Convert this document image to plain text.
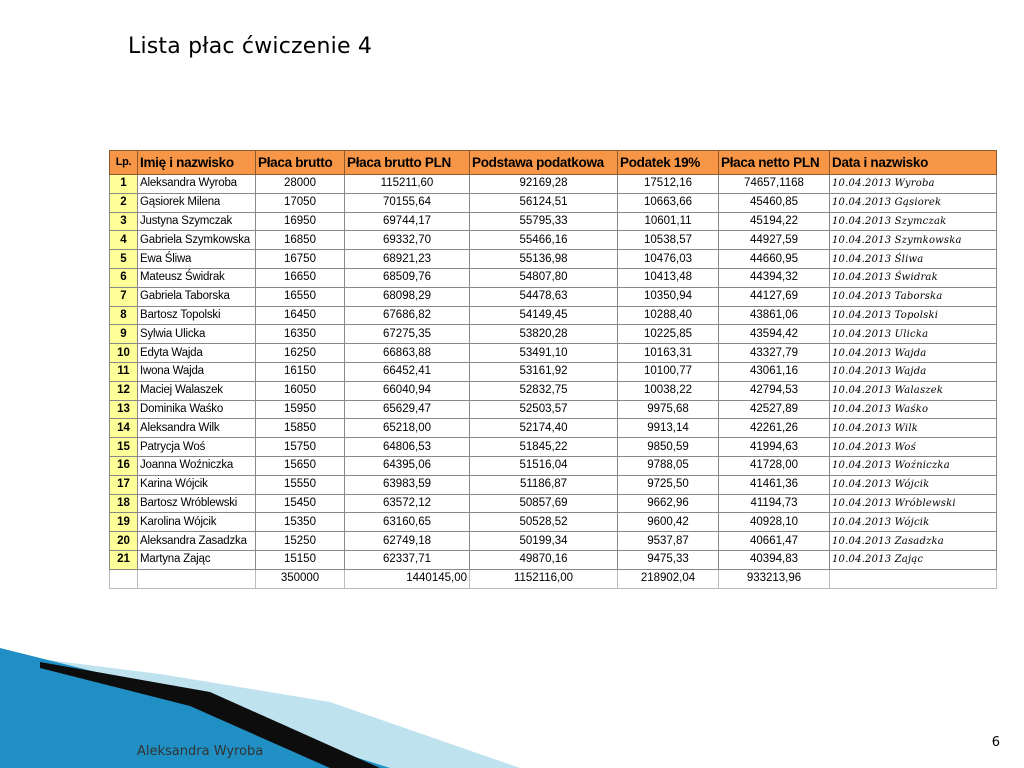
Lista płac ćwiczenie 4
Lp.	Imię i nazwisko	Płaca brutto	Płaca brutto PLN	Podstawa podatkowa	Podatek 19%	Płaca netto PLN	Data i nazwisko
1	Aleksandra Wyroba	28000	115211,60	92169,28	17512,16	74657,1168	10.04.2013 Wyroba
2	Gąsiorek Milena	17050	70155,64	56124,51	10663,66	45460,85	10.04.2013 Gąsiorek
3	Justyna Szymczak	16950	69744,17	55795,33	10601,11	45194,22	10.04.2013 Szymczak
4	Gabriela Szymkowska	16850	69332,70	55466,16	10538,57	44927,59	10.04.2013 Szymkowska
5	Ewa Śliwa	16750	68921,23	55136,98	10476,03	44660,95	10.04.2013 Śliwa
6	Mateusz Świdrak	16650	68509,76	54807,80	10413,48	44394,32	10.04.2013 Świdrak
7	Gabriela Taborska	16550	68098,29	54478,63	10350,94	44127,69	10.04.2013 Taborska
8	Bartosz Topolski	16450	67686,82	54149,45	10288,40	43861,06	10.04.2013 Topolski
9	Sylwia Ulicka	16350	67275,35	53820,28	10225,85	43594,42	10.04.2013 Ulicka
10	Edyta Wajda	16250	66863,88	53491,10	10163,31	43327,79	10.04.2013 Wajda
11	Iwona Wajda	16150	66452,41	53161,92	10100,77	43061,16	10.04.2013 Wajda
12	Maciej Walaszek	16050	66040,94	52832,75	10038,22	42794,53	10.04.2013 Walaszek
13	Dominika Waśko	15950	65629,47	52503,57	9975,68	42527,89	10.04.2013 Waśko
14	Aleksandra Wilk	15850	65218,00	52174,40	9913,14	42261,26	10.04.2013 Wilk
15	Patrycja Woś	15750	64806,53	51845,22	9850,59	41994,63	10.04.2013 Woś
16	Joanna Woźniczka	15650	64395,06	51516,04	9788,05	41728,00	10.04.2013 Woźniczka
17	Karina Wójcik	15550	63983,59	51186,87	9725,50	41461,36	10.04.2013 Wójcik
18	Bartosz Wróblewski	15450	63572,12	50857,69	9662,96	41194,73	10.04.2013 Wróblewski
19	Karolina Wójcik	15350	63160,65	50528,52	9600,42	40928,10	10.04.2013 Wójcik
20	Aleksandra Zasadzka	15250	62749,18	50199,34	9537,87	40661,47	10.04.2013 Zasadzka
21	Martyna Zając	15150	62337,71	49870,16	9475,33	40394,83	10.04.2013 Zając
		350000	1440145,00	1152116,00	218902,04	933213,96	
Aleksandra Wyroba
6
